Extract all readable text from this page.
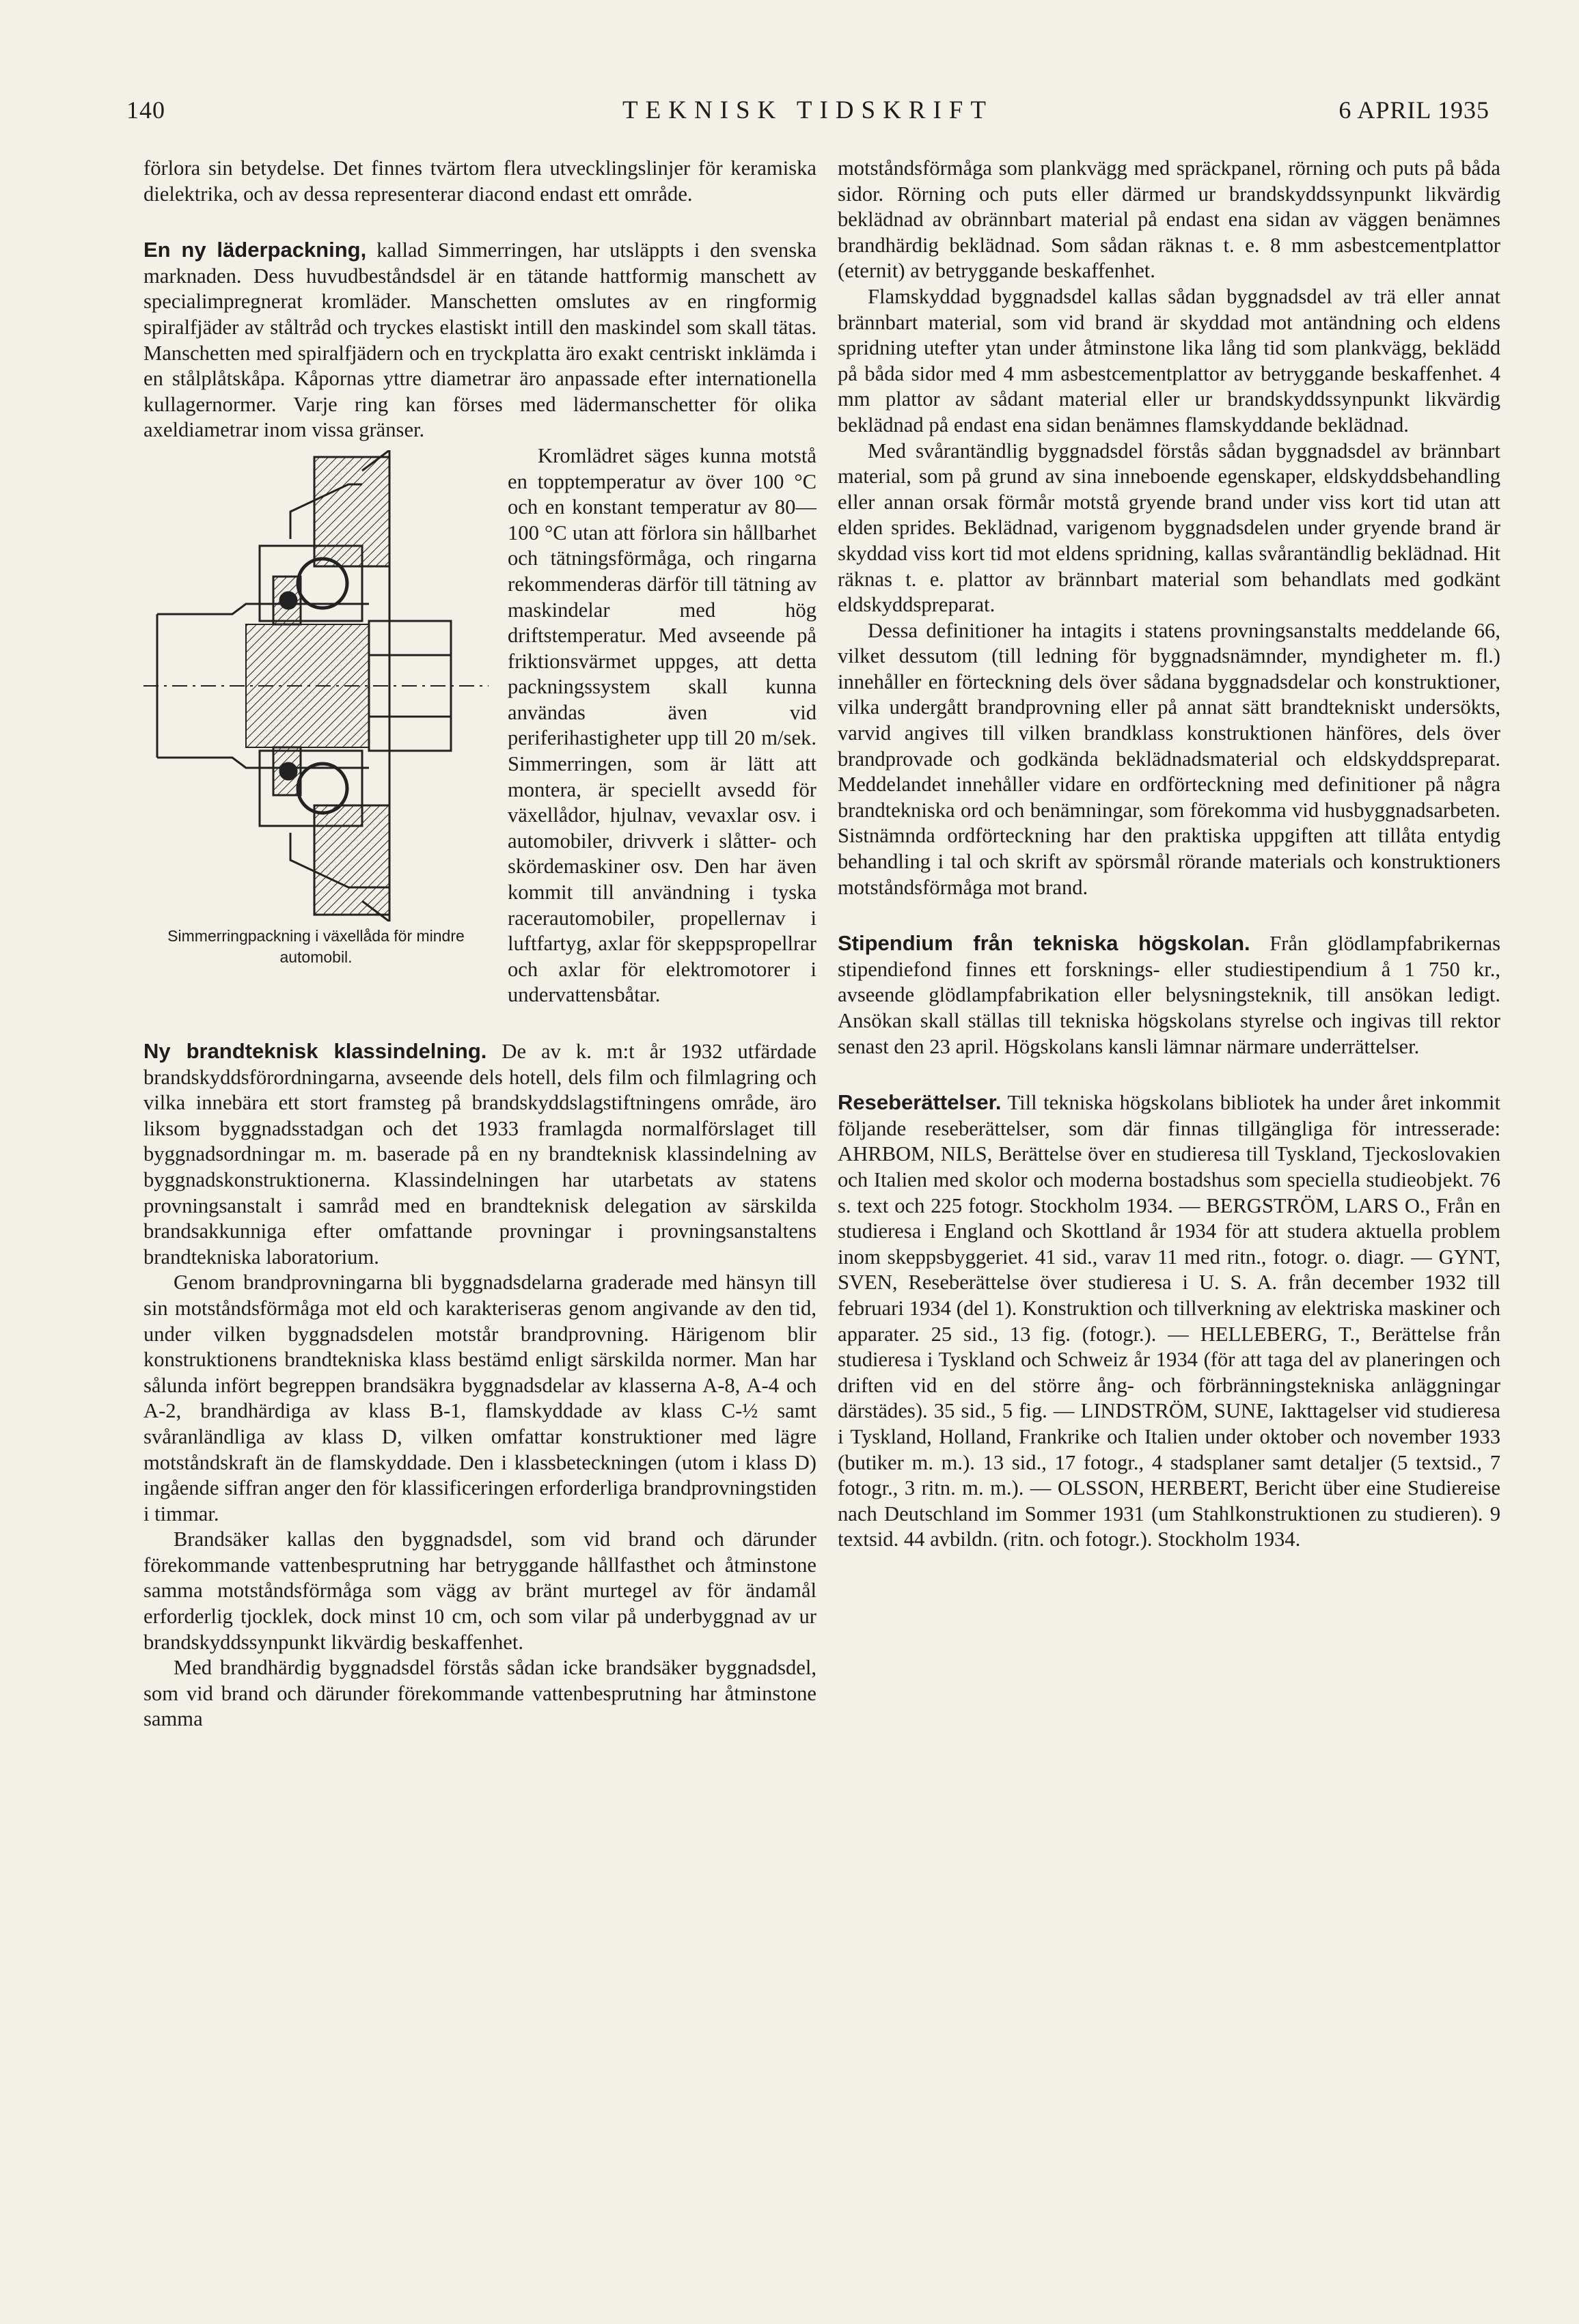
140	TEKNISK TIDSKRIFT	6 APRIL 1935

förlora sin betydelse. Det finnes tvärtom flera utvecklingslinjer för keramiska dielektrika, och av dessa representerar diacond endast ett område.

En ny läderpackning, kallad Simmerringen, har utsläppts i den svenska marknaden. Dess huvudbeståndsdel är en tätande hattformig manschett av specialimpregnerat kromläder. Manschetten omslutes av en ringformig spiralfjäder av ståltråd och tryckes elastiskt intill den maskindel som skall tätas. Manschetten med spiralfjädern och en tryckplatta äro exakt centriskt inklämda i en stålplåtskåpa. Kåpornas yttre diametrar äro anpassade efter internationella kullagernormer. Varje ring kan förses med lädermanschetter för olika axeldiametrar inom vissa gränser.

Simmerringpackning i växellåda för mindre automobil.

Kromlädret säges kunna motstå en topptemperatur av över 100 °C och en konstant temperatur av 80—100 °C utan att förlora sin hållbarhet och tätningsförmåga, och ringarna rekommenderas därför till tätning av maskindelar med hög driftstemperatur. Med avseende på friktionsvärmet uppges, att detta packningssystem skall kunna användas även vid periferihastigheter upp till 20 m/sek. Simmerringen, som är lätt att montera, är speciellt avsedd för växellådor, hjulnav, vevaxlar osv. i automobiler, drivverk i slåtter- och skördemaskiner osv. Den har även kommit till användning i tyska racerautomobiler, propellernav i luftfartyg, axlar för skeppspropellrar och axlar för elektromotorer i undervattensbåtar.

Ny brandteknisk klassindelning. De av k. m:t år 1932 utfärdade brandskyddsförordningarna, avseende dels hotell, dels film och filmlagring och vilka innebära ett stort framsteg på brandskyddslagstiftningens område, äro liksom byggnadsstadgan och det 1933 framlagda normalförslaget till byggnadsordningar m. m. baserade på en ny brandteknisk klassindelning av byggnadskonstruktionerna. Klassindelningen har utarbetats av statens provningsanstalt i samråd med en brandteknisk delegation av särskilda brandsakkunniga efter omfattande provningar i provningsanstaltens brandtekniska laboratorium.

Genom brandprovningarna bli byggnadsdelarna graderade med hänsyn till sin motståndsförmåga mot eld och karakteriseras genom angivande av den tid, under vilken byggnadsdelen motstår brandprovning. Härigenom blir konstruktionens brandtekniska klass bestämd enligt särskilda normer. Man har sålunda infört begreppen brandsäkra byggnadsdelar av klasserna A-8, A-4 och A-2, brandhärdiga av klass B-1, flamskyddade av klass C-½ samt svåranländliga av klass D, vilken omfattar konstruktioner med lägre motståndskraft än de flamskyddade. Den i klassbeteckningen (utom i klass D) ingående siffran anger den för klassificeringen erforderliga brandprovningstiden i timmar.

Brandsäker kallas den byggnadsdel, som vid brand och därunder förekommande vattenbesprutning har betryggande hållfasthet och åtminstone samma motståndsförmåga som vägg av bränt murtegel av för ändamål erforderlig tjocklek, dock minst 10 cm, och som vilar på underbyggnad av ur brandskyddssynpunkt likvärdig beskaffenhet.

Med brandhärdig byggnadsdel förstås sådan icke brandsäker byggnadsdel, som vid brand och därunder förekommande vattenbesprutning har åtminstone samma

motståndsförmåga som plankvägg med spräckpanel, rörning och puts på båda sidor. Rörning och puts eller därmed ur brandskyddssynpunkt likvärdig beklädnad av obrännbart material på endast ena sidan av väggen benämnes brandhärdig beklädnad. Som sådan räknas t. e. 8 mm asbestcementplattor (eternit) av betryggande beskaffenhet.

Flamskyddad byggnadsdel kallas sådan byggnadsdel av trä eller annat brännbart material, som vid brand är skyddad mot antändning och eldens spridning utefter ytan under åtminstone lika lång tid som plankvägg, beklädd på båda sidor med 4 mm asbestcementplattor av betryggande beskaffenhet. 4 mm plattor av sådant material eller ur brandskyddssynpunkt likvärdig beklädnad på endast ena sidan benämnes flamskyddande beklädnad.

Med svårantändlig byggnadsdel förstås sådan byggnadsdel av brännbart material, som på grund av sina inneboende egenskaper, eldskyddsbehandling eller annan orsak förmår motstå gryende brand under viss kort tid utan att elden sprides. Beklädnad, varigenom byggnadsdelen under gryende brand är skyddad viss kort tid mot eldens spridning, kallas svårantändlig beklädnad. Hit räknas t. e. plattor av brännbart material som behandlats med godkänt eldskyddspreparat.

Dessa definitioner ha intagits i statens provningsanstalts meddelande 66, vilket dessutom (till ledning för byggnadsnämnder, myndigheter m. fl.) innehåller en förteckning dels över sådana byggnadsdelar och konstruktioner, vilka undergått brandprovning eller på annat sätt brandtekniskt undersökts, varvid angives till vilken brandklass konstruktionen hänföres, dels över brandprovade och godkända beklädnadsmaterial och eldskyddspreparat. Meddelandet innehåller vidare en ordförteckning med definitioner på några brandtekniska ord och benämningar, som förekomma vid husbyggnadsarbeten. Sistnämnda ordförteckning har den praktiska uppgiften att tillåta entydig behandling i tal och skrift av spörsmål rörande materials och konstruktioners motståndsförmåga mot brand.

Stipendium från tekniska högskolan. Från glödlampfabrikernas stipendiefond finnes ett forsknings- eller studiestipendium å 1 750 kr., avseende glödlampfabrikation eller belysningsteknik, till ansökan ledigt. Ansökan skall ställas till tekniska högskolans styrelse och ingivas till rektor senast den 23 april. Högskolans kansli lämnar närmare underrättelser.

Reseberättelser. Till tekniska högskolans bibliotek ha under året inkommit följande reseberättelser, som där finnas tillgängliga för intresserade: AHRBOM, NILS, Berättelse över en studieresa till Tyskland, Tjeckoslovakien och Italien med skolor och moderna bostadshus som speciella studieobjekt. 76 s. text och 225 fotogr. Stockholm 1934. — BERGSTRÖM, LARS O., Från en studieresa i England och Skottland år 1934 för att studera aktuella problem inom skeppsbyggeriet. 41 sid., varav 11 med ritn., fotogr. o. diagr. — GYNT, SVEN, Reseberättelse över studieresa i U. S. A. från december 1932 till februari 1934 (del 1). Konstruktion och tillverkning av elektriska maskiner och apparater. 25 sid., 13 fig. (fotogr.). — HELLEBERG, T., Berättelse från studieresa i Tyskland och Schweiz år 1934 (för att taga del av planeringen och driften vid en del större ång- och förbränningstekniska anläggningar därstädes). 35 sid., 5 fig. — LINDSTRÖM, SUNE, Iakttagelser vid studieresa i Tyskland, Holland, Frankrike och Italien under oktober och november 1933 (butiker m. m.). 13 sid., 17 fotogr., 4 stadsplaner samt detaljer (5 textsid., 7 fotogr., 3 ritn. m. m.). — OLSSON, HERBERT, Bericht über eine Studiereise nach Deutschland im Sommer 1931 (um Stahlkonstruktionen zu studieren). 9 textsid. 44 avbildn. (ritn. och fotogr.). Stockholm 1934.
